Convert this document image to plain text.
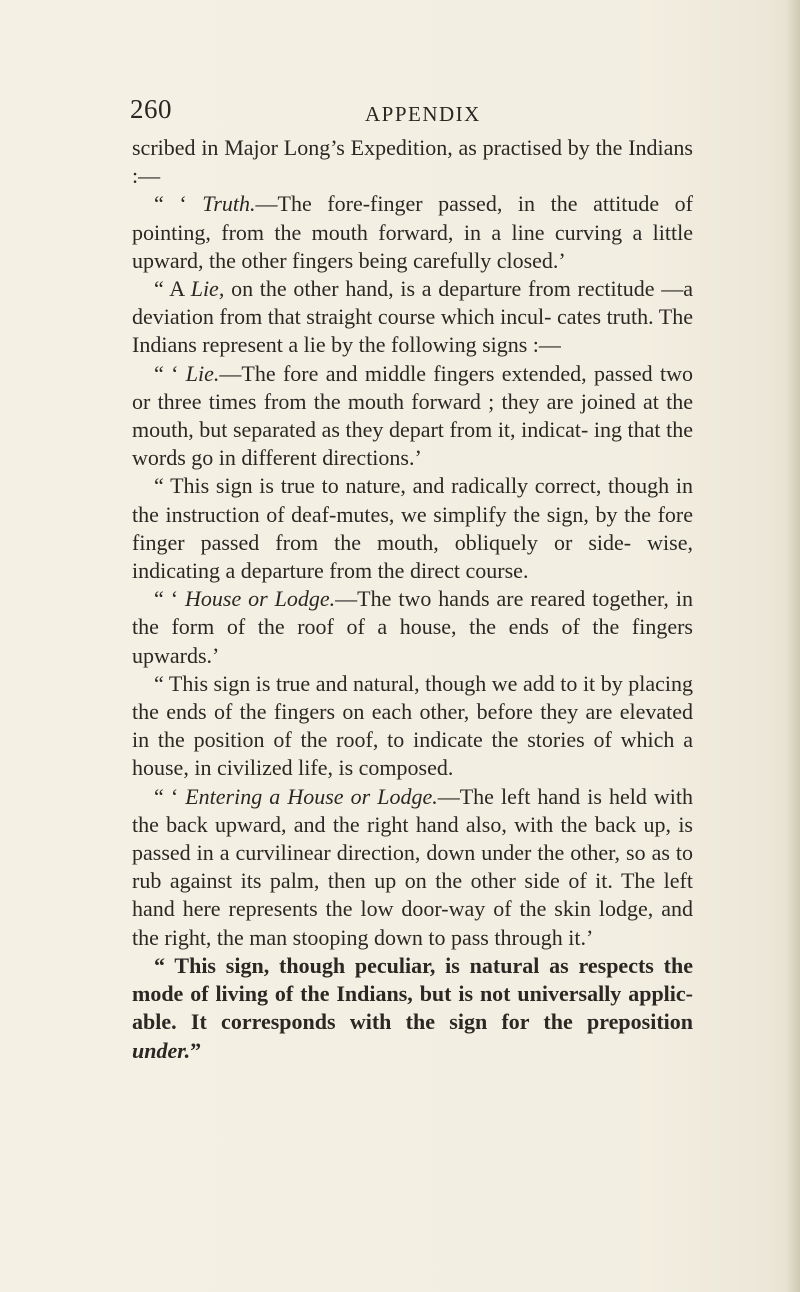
260	APPENDIX

scribed in Major Long’s Expedition, as practised by the Indians :—

“ ‘ Truth.—The fore-finger passed, in the attitude of pointing, from the mouth forward, in a line curving a little upward, the other fingers being carefully closed.’

“ A Lie, on the other hand, is a departure from rectitude —a deviation from that straight course which incul- cates truth. The Indians represent a lie by the following signs :—

“ ‘ Lie.—The fore and middle fingers extended, passed two or three times from the mouth forward ; they are joined at the mouth, but separated as they depart from it, indicat- ing that the words go in different directions.’

“ This sign is true to nature, and radically correct, though in the instruction of deaf-mutes, we simplify the sign, by the fore finger passed from the mouth, obliquely or side- wise, indicating a departure from the direct course.

“ ‘ House or Lodge.—The two hands are reared together, in the form of the roof of a house, the ends of the fingers upwards.’

“ This sign is true and natural, though we add to it by placing the ends of the fingers on each other, before they are elevated in the position of the roof, to indicate the stories of which a house, in civilized life, is composed.

“ ‘ Entering a House or Lodge.—The left hand is held with the back upward, and the right hand also, with the back up, is passed in a curvilinear direction, down under the other, so as to rub against its palm, then up on the other side of it. The left hand here represents the low door-way of the skin lodge, and the right, the man stooping down to pass through it.’

“ This sign, though peculiar, is natural as respects the mode of living of the Indians, but is not universally applic- able. It corresponds with the sign for the preposition under.”
